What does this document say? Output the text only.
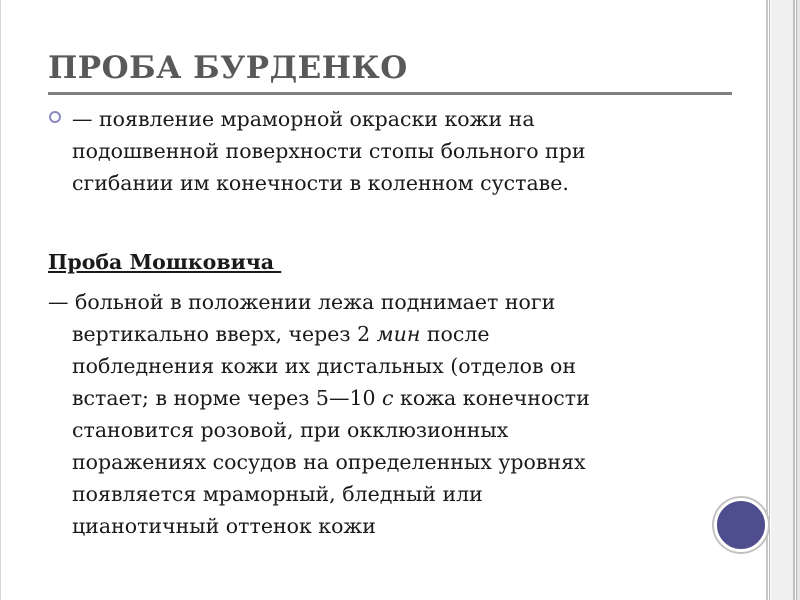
ПРОБА БУРДЕНКО
— появление мраморной окраски кожи на
подошвенной поверхности стопы больного при
сгибании им конечности в коленном суставе.
Проба Мошковича
— больной в положении лежа поднимает ноги
вертикально вверх, через 2 мин после
побледнения кожи их дистальных (отделов он
встает; в норме через 5—10 с кожа конечности
становится розовой, при окклюзионных
поражениях сосудов на определенных уровнях
появляется мраморный, бледный или
цианотичный оттенок кожи
